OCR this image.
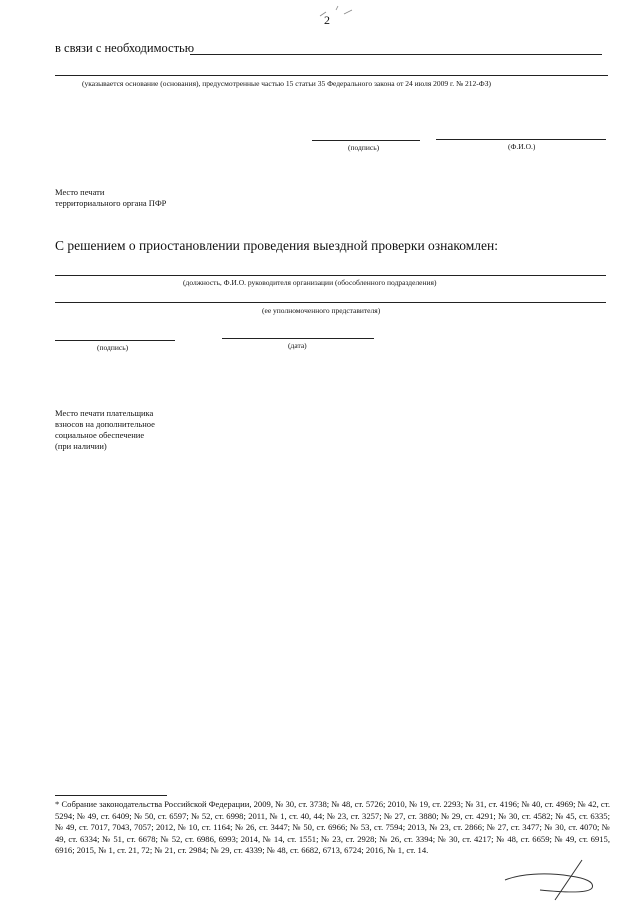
2
в связи с необходимостью
(указывается основание (основания), предусмотренные частью 15 статьи 35 Федерального закона от 24 июля 2009 г. № 212-ФЗ)
(подпись)	(Ф.И.О.)
Место печати
территориального органа ПФР
С решением о приостановлении проведения выездной проверки ознакомлен:
(должность, Ф.И.О. руководителя организации (обособленного подразделения)
(ее уполномоченного представителя)
(подпись)	(дата)
Место печати плательщика
взносов на дополнительное
социальное обеспечение
(при наличии)
* Собрание законодательства Российской Федерации, 2009, № 30, ст. 3738; № 48, ст. 5726; 2010, № 19, ст. 2293; № 31, ст. 4196; № 40, ст. 4969; № 42, ст. 5294; № 49, ст. 6409; № 50, ст. 6597; № 52, ст. 6998; 2011, № 1, ст. 40, 44; № 23, ст. 3257; № 27, ст. 3880; № 29, ст. 4291; № 30, ст. 4582; № 45, ст. 6335; № 49, ст. 7017, 7043, 7057; 2012, № 10, ст. 1164; № 26, ст. 3447; № 50, ст. 6966; № 53, ст. 7594; 2013, № 23, ст. 2866; № 27, ст. 3477; № 30, ст. 4070; № 49, ст. 6334; № 51, ст. 6678; № 52, ст. 6986, 6993; 2014, № 14, ст. 1551; № 23, ст. 2928; № 26, ст. 3394; № 30, ст. 4217; № 48, ст. 6659; № 49, ст. 6915, 6916; 2015, № 1, ст. 21, 72; № 21, ст. 2984; № 29, ст. 4339; № 48, ст. 6682, 6713, 6724; 2016, № 1, ст. 14.
